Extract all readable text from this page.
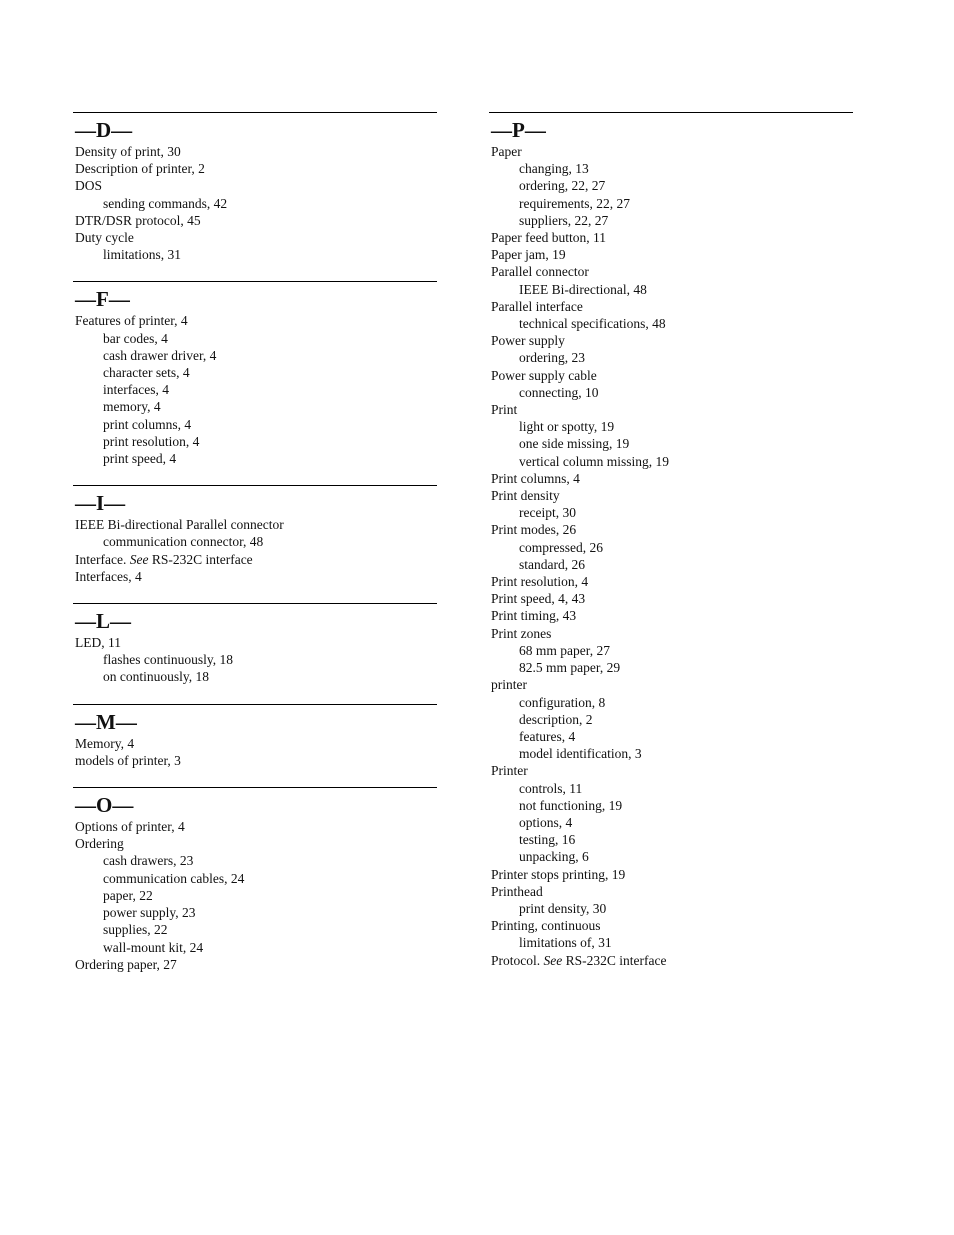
—D—
Density of print, 30
Description of printer, 2
DOS
sending commands, 42
DTR/DSR protocol, 45
Duty cycle
limitations, 31
—F—
Features of printer, 4
bar codes, 4
cash drawer driver, 4
character sets, 4
interfaces, 4
memory, 4
print columns, 4
print resolution, 4
print speed, 4
—I—
IEEE Bi-directional Parallel connector
communication connector, 48
Interface. See RS-232C interface
Interfaces, 4
—L—
LED, 11
flashes continuously, 18
on continuously, 18
—M—
Memory, 4
models of printer, 3
—O—
Options of printer, 4
Ordering
cash drawers, 23
communication cables, 24
paper, 22
power supply, 23
supplies, 22
wall-mount kit, 24
Ordering paper, 27
—P—
Paper
changing, 13
ordering, 22, 27
requirements, 22, 27
suppliers, 22, 27
Paper feed button, 11
Paper jam, 19
Parallel connector
IEEE Bi-directional, 48
Parallel interface
technical specifications, 48
Power supply
ordering, 23
Power supply cable
connecting, 10
Print
light or spotty, 19
one side missing, 19
vertical column missing, 19
Print columns, 4
Print density
receipt, 30
Print modes, 26
compressed, 26
standard, 26
Print resolution, 4
Print speed, 4, 43
Print timing, 43
Print zones
68 mm paper, 27
82.5 mm paper, 29
printer
configuration, 8
description, 2
features, 4
model identification, 3
Printer
controls, 11
not functioning, 19
options, 4
testing, 16
unpacking, 6
Printer stops printing, 19
Printhead
print density, 30
Printing, continuous
limitations of, 31
Protocol. See RS-232C interface
